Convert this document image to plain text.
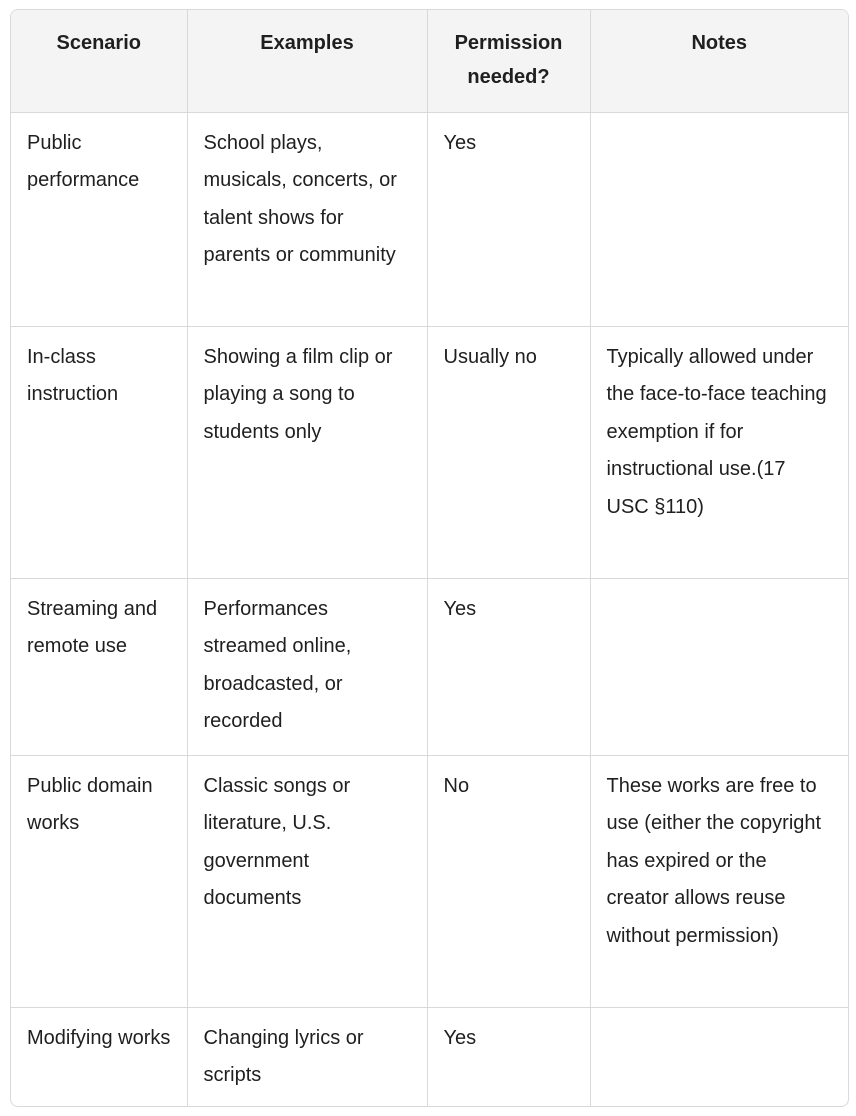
Scenario	Examples	Permission needed?	Notes
Public performance	School plays, musicals, concerts, or talent shows for parents or community	Yes	
In-class instruction	Showing a film clip or playing a song to students only	Usually no	Typically allowed under the face-to-face teaching exemption if for instructional use.(17 USC §110)
Streaming and remote use	Performances streamed online, broadcasted, or recorded	Yes	
Public domain works	Classic songs or literature, U.S. government documents	No	These works are free to use (either the copyright has expired or the creator allows reuse without permission)
Modifying works	Changing lyrics or scripts	Yes	
